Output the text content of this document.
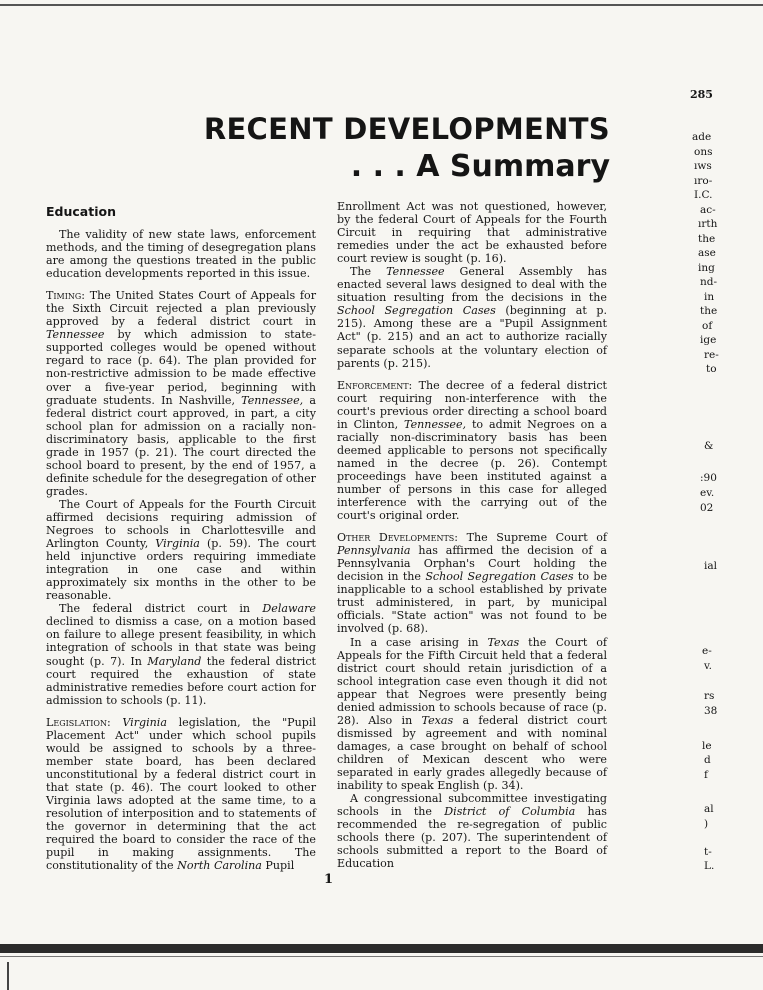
285
RECENT DEVELOPMENTS
. . . A Summary
Education

The validity of new state laws, enforcement methods, and the timing of desegregation plans are among the questions treated in the public education developments reported in this issue.

Timing: The United States Court of Appeals for the Sixth Circuit rejected a plan previously approved by a federal district court in Tennessee by which admission to state-supported colleges would be opened without regard to race (p. 64). The plan provided for non-restrictive admission to be made effective over a five-year period, beginning with graduate students. In Nashville, Tennessee, a federal district court approved, in part, a city school plan for admission on a racially non-discriminatory basis, applicable to the first grade in 1957 (p. 21). The court directed the school board to present, by the end of 1957, a definite schedule for the desegregation of other grades.

The Court of Appeals for the Fourth Circuit affirmed decisions requiring admission of Negroes to schools in Charlottesville and Arlington County, Virginia (p. 59). The court held injunctive orders requiring immediate integration in one case and within approximately six months in the other to be reasonable.

The federal district court in Delaware declined to dismiss a case, on a motion based on failure to allege present feasibility, in which integration of schools in that state was being sought (p. 7). In Maryland the federal district court required the exhaustion of state administrative remedies before court action for admission to schools (p. 11).

Legislation: Virginia legislation, the "Pupil Placement Act" under which school pupils would be assigned to schools by a three-member state board, has been declared unconstitutional by a federal district court in that state (p. 46). The court looked to other Virginia laws adopted at the same time, to a resolution of interposition and to statements of the governor in determining that the act required the board to consider the race of the pupil in making assignments. The constitutionality of the North Carolina Pupil

Enrollment Act was not questioned, however, by the federal Court of Appeals for the Fourth Circuit in requiring that administrative remedies under the act be exhausted before court review is sought (p. 16).

The Tennessee General Assembly has enacted several laws designed to deal with the situation resulting from the decisions in the School Segregation Cases (beginning at p. 215). Among these are a "Pupil Assignment Act" (p. 215) and an act to authorize racially separate schools at the voluntary election of parents (p. 215).

Enforcement: The decree of a federal district court requiring non-interference with the court's previous order directing a school board in Clinton, Tennessee, to admit Negroes on a racially non-discriminatory basis has been deemed applicable to persons not specifically named in the decree (p. 26). Contempt proceedings have been instituted against a number of persons in this case for alleged interference with the carrying out of the court's original order.

Other Developments: The Supreme Court of Pennsylvania has affirmed the decision of a Pennsylvania Orphan's Court holding the decision in the School Segregation Cases to be inapplicable to a school established by private trust administered, in part, by municipal officials. "State action" was not found to be involved (p. 68).

In a case arising in Texas the Court of Appeals for the Fifth Circuit held that a federal district court should retain jurisdiction of a school integration case even though it did not appear that Negroes were presently being denied admission to schools because of race (p. 28). Also in Texas a federal district court dismissed by agreement and with nominal damages, a case brought on behalf of school children of Mexican descent who were separated in early grades allegedly because of inability to speak English (p. 34).

A congressional subcommittee investigating schools in the District of Columbia has recommended the re-segregation of public schools there (p. 207). The superintendent of schools submitted a report to the Board of Education

1
ade
ons
ıws
ıro-
I.C.
ac-
ırth
the
ase
ing
nd-
in
the
of
ige
re-
to
&
:90
ev.
02
ial
e-
v.
rs
38
le
d
f
al
)
t-
L.
